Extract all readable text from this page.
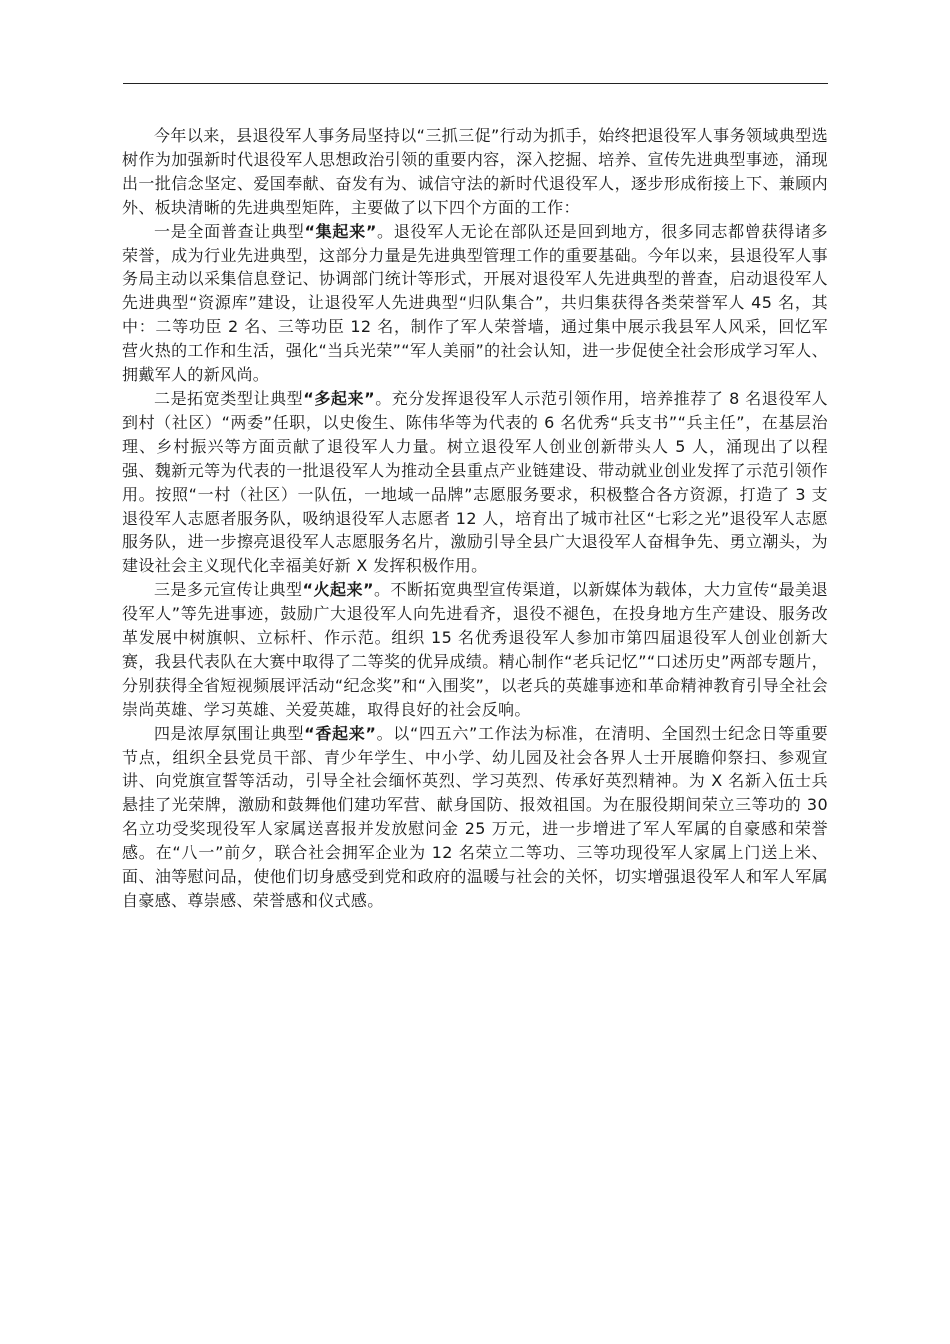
今年以来，县退役军人事务局坚持以“三抓三促”行动为抓手，始终把退役军人事务领域典型选树作为加强新时代退役军人思想政治引领的重要内容，深入挖掘、培养、宣传先进典型事迹，涌现出一批信念坚定、爱国奉献、奋发有为、诚信守法的新时代退役军人，逐步形成衔接上下、兼顾内外、板块清晰的先进典型矩阵，主要做了以下四个方面的工作：

一是全面普查让典型“集起来”。退役军人无论在部队还是回到地方，很多同志都曾获得诸多荣誉，成为行业先进典型，这部分力量是先进典型管理工作的重要基础。今年以来，县退役军人事务局主动以采集信息登记、协调部门统计等形式，开展对退役军人先进典型的普查，启动退役军人先进典型“资源库”建设，让退役军人先进典型“归队集合”，共归集获得各类荣誉军人 45 名，其中：二等功臣 2 名、三等功臣 12 名，制作了军人荣誉墙，通过集中展示我县军人风采，回忆军营火热的工作和生活，强化“当兵光荣”“军人美丽”的社会认知，进一步促使全社会形成学习军人、拥戴军人的新风尚。

二是拓宽类型让典型“多起来”。充分发挥退役军人示范引领作用，培养推荐了 8 名退役军人到村（社区）“两委”任职，以史俊生、陈伟华等为代表的 6 名优秀“兵支书”“兵主任”，在基层治理、乡村振兴等方面贡献了退役军人力量。树立退役军人创业创新带头人 5 人，涌现出了以程强、魏新元等为代表的一批退役军人为推动全县重点产业链建设、带动就业创业发挥了示范引领作用。按照“一村（社区）一队伍，一地域一品牌”志愿服务要求，积极整合各方资源，打造了 3 支退役军人志愿者服务队，吸纳退役军人志愿者 12 人，培育出了城市社区“七彩之光”退役军人志愿服务队，进一步擦亮退役军人志愿服务名片，激励引导全县广大退役军人奋楫争先、勇立潮头，为建设社会主义现代化幸福美好新 X 发挥积极作用。

三是多元宣传让典型“火起来”。不断拓宽典型宣传渠道，以新媒体为载体，大力宣传“最美退役军人”等先进事迹，鼓励广大退役军人向先进看齐，退役不褪色，在投身地方生产建设、服务改革发展中树旗帜、立标杆、作示范。组织 15 名优秀退役军人参加市第四届退役军人创业创新大赛，我县代表队在大赛中取得了二等奖的优异成绩。精心制作“老兵记忆”“口述历史”两部专题片，分别获得全省短视频展评活动“纪念奖”和“入围奖”，以老兵的英雄事迹和革命精神教育引导全社会崇尚英雄、学习英雄、关爱英雄，取得良好的社会反响。

四是浓厚氛围让典型“香起来”。以“四五六”工作法为标准，在清明、全国烈士纪念日等重要节点，组织全县党员干部、青少年学生、中小学、幼儿园及社会各界人士开展瞻仰祭扫、参观宣讲、向党旗宣誓等活动，引导全社会缅怀英烈、学习英烈、传承好英烈精神。为 X 名新入伍士兵悬挂了光荣牌，激励和鼓舞他们建功军营、献身国防、报效祖国。为在服役期间荣立三等功的 30 名立功受奖现役军人家属送喜报并发放慰问金 25 万元，进一步增进了军人军属的自豪感和荣誉感。在“八一”前夕，联合社会拥军企业为 12 名荣立二等功、三等功现役军人家属上门送上米、面、油等慰问品，使他们切身感受到党和政府的温暖与社会的关怀，切实增强退役军人和军人军属自豪感、尊崇感、荣誉感和仪式感。
